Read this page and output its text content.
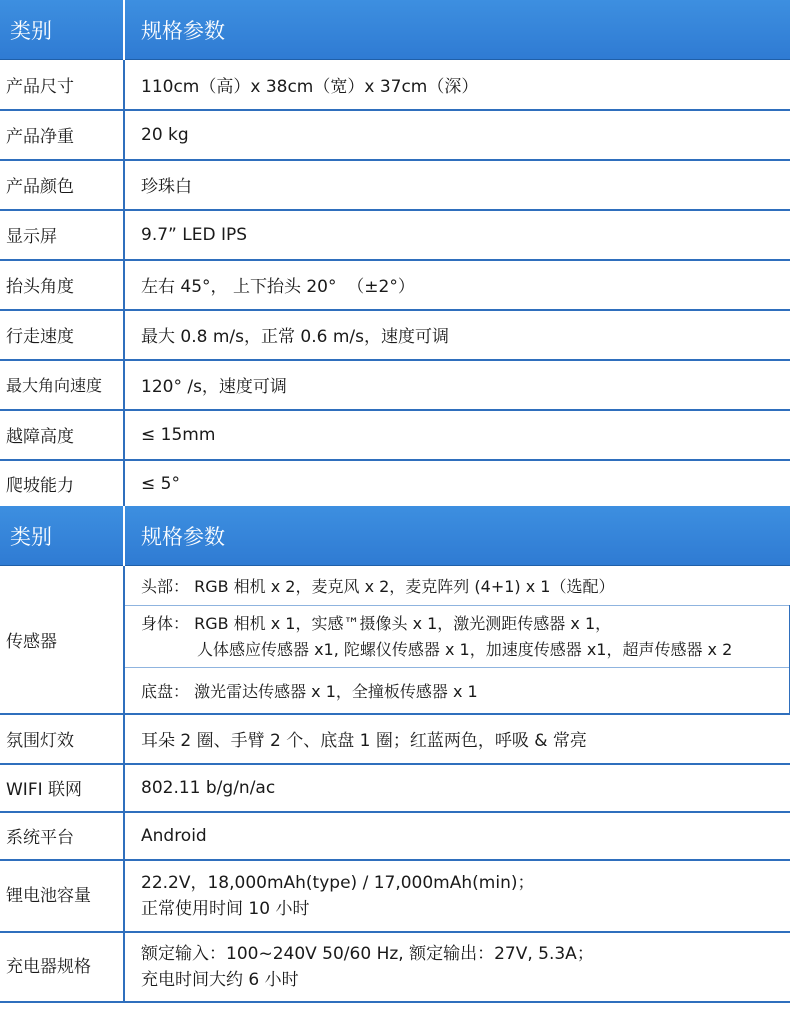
类别	规格参数
产品尺寸	110cm（高）x 38cm（宽）x 37cm（深）
产品净重	20 kg
产品颜色	珍珠白
显示屏	9.7” LED IPS
抬头角度	左右 45°， 上下抬头 20°  （±2°）
行走速度	最大 0.8 m/s，正常 0.6 m/s，速度可调
最大角向速度	120° /s，速度可调
越障高度	≤ 15mm
爬坡能力	≤ 5°
类别	规格参数
传感器	头部： RGB 相机 x 2，麦克风 x 2，麦克阵列 (4+1) x 1（选配）
	身体： RGB 相机 x 1，实感™摄像头 x 1，激光测距传感器 x 1，
人体感应传感器 x1, 陀螺仪传感器 x 1，加速度传感器 x1，超声传感器 x 2
	底盘： 激光雷达传感器 x 1，全撞板传感器 x 1
氛围灯效	耳朵 2 圈、手臂 2 个、底盘 1 圈；红蓝两色，呼吸 & 常亮
WIFI 联网	802.11 b/g/n/ac
系统平台	Android
锂电池容量	22.2V，18,000mAh(type) / 17,000mAh(min)；
正常使用时间 10 小时
充电器规格	额定输入：100~240V 50/60 Hz, 额定输出：27V, 5.3A；
充电时间大约 6 小时
